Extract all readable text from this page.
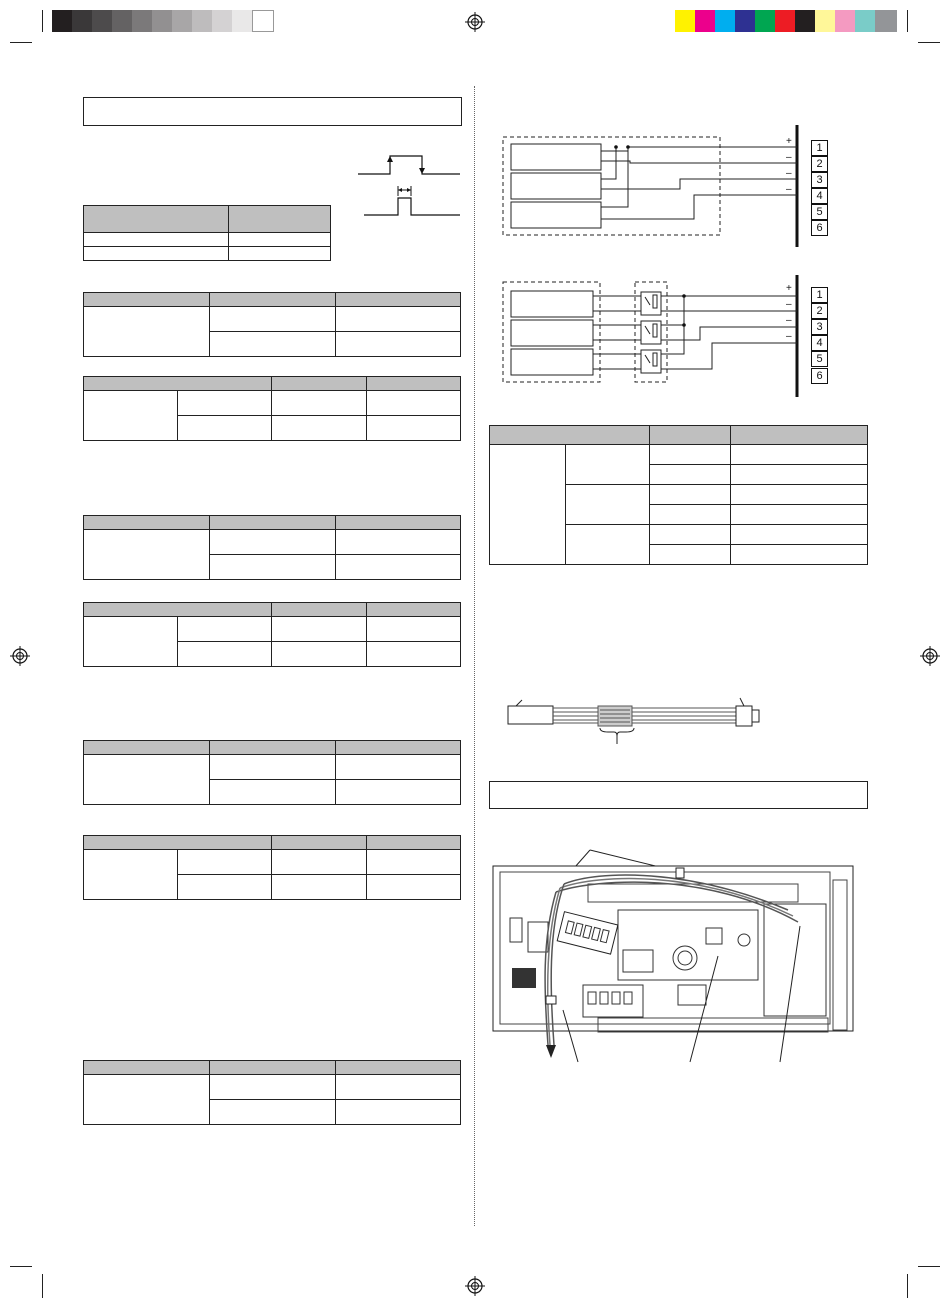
+
–
–
–
1
2
3
4
5
6
+
–
–
–
1
2
3
4
5
6
